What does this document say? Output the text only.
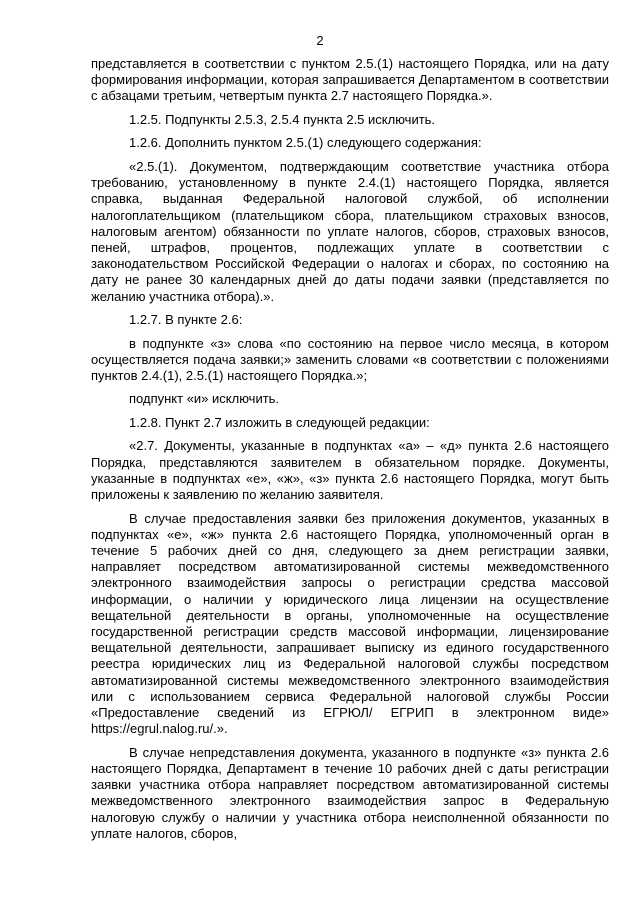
2

представляется в соответствии с пунктом 2.5.(1) настоящего Порядка, или на дату формирования информации, которая запрашивается Департаментом в соответствии с абзацами третьим, четвертым пункта 2.7 настоящего Порядка.».

1.2.5. Подпункты 2.5.3, 2.5.4 пункта 2.5 исключить.

1.2.6. Дополнить пунктом 2.5.(1) следующего содержания:

«2.5.(1). Документом, подтверждающим соответствие участника отбора требованию, установленному в пункте 2.4.(1) настоящего Порядка, является справка, выданная Федеральной налоговой службой, об исполнении налогоплательщиком (плательщиком сбора, плательщиком страховых взносов, налоговым агентом) обязанности по уплате налогов, сборов, страховых взносов, пеней, штрафов, процентов, подлежащих уплате в соответствии с законодательством Российской Федерации о налогах и сборах, по состоянию на дату не ранее 30 календарных дней до даты подачи заявки (представляется по желанию участника отбора).».

1.2.7. В пункте 2.6:

в подпункте «з» слова «по состоянию на первое число месяца, в котором осуществляется подача заявки;» заменить словами «в соответствии с положениями пунктов 2.4.(1), 2.5.(1) настоящего Порядка.»;

подпункт «и» исключить.

1.2.8. Пункт 2.7 изложить в следующей редакции:

«2.7. Документы, указанные в подпунктах «а» – «д» пункта 2.6 настоящего Порядка, представляются заявителем в обязательном порядке. Документы, указанные в подпунктах «е», «ж», «з» пункта 2.6 настоящего Порядка, могут быть приложены к заявлению по желанию заявителя.

В случае предоставления заявки без приложения документов, указанных в подпунктах «е», «ж» пункта 2.6 настоящего Порядка, уполномоченный орган в течение 5 рабочих дней со дня, следующего за днем регистрации заявки, направляет посредством автоматизированной системы межведомственного электронного взаимодействия запросы о регистрации средства массовой информации, о наличии у юридического лица лицензии на осуществление вещательной деятельности в органы, уполномоченные на осуществление государственной регистрации средств массовой информации, лицензирование вещательной деятельности, запрашивает выписку из единого государственного реестра юридических лиц из Федеральной налоговой службы посредством автоматизированной системы межведомственного электронного взаимодействия или с использованием сервиса Федеральной налоговой службы России «Предоставление сведений из ЕГРЮЛ/ ЕГРИП в электронном виде» https://egrul.nalog.ru/.».

В случае непредставления документа, указанного в подпункте «з» пункта 2.6 настоящего Порядка, Департамент в течение 10 рабочих дней с даты регистрации заявки участника отбора направляет посредством автоматизированной системы межведомственного электронного взаимодействия запрос в Федеральную налоговую службу о наличии у участника отбора неисполненной обязанности по уплате налогов, сборов,
